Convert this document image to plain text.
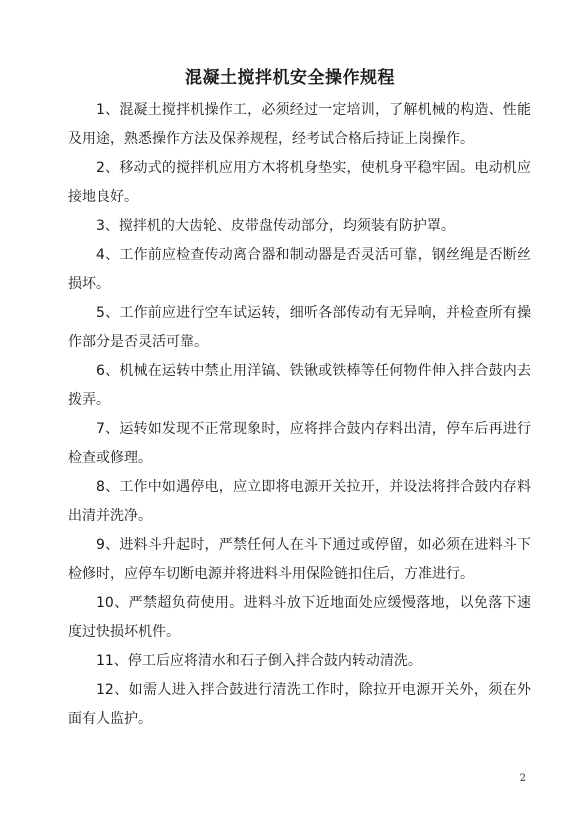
混凝土搅拌机安全操作规程

1、混凝土搅拌机操作工，必须经过一定培训，了解机械的构造、性能及用途，熟悉操作方法及保养规程，经考试合格后持证上岗操作。

2、移动式的搅拌机应用方木将机身垫实，使机身平稳牢固。电动机应接地良好。

3、搅拌机的大齿轮、皮带盘传动部分，均须装有防护罩。

4、工作前应检查传动离合器和制动器是否灵活可靠，钢丝绳是否断丝损坏。

5、工作前应进行空车试运转，细听各部传动有无异响，并检查所有操作部分是否灵活可靠。

6、机械在运转中禁止用洋镐、铁锹或铁棒等任何物件伸入拌合鼓内去拨弄。

7、运转如发现不正常现象时，应将拌合鼓内存料出清，停车后再进行检查或修理。

8、工作中如遇停电，应立即将电源开关拉开，并设法将拌合鼓内存料出清并洗净。

9、进料斗升起时，严禁任何人在斗下通过或停留，如必须在进料斗下检修时，应停车切断电源并将进料斗用保险链扣住后，方准进行。

10、严禁超负荷使用。进料斗放下近地面处应缓慢落地，以免落下速度过快损坏机件。

11、停工后应将清水和石子倒入拌合鼓内转动清洗。

12、如需人进入拌合鼓进行清洗工作时，除拉开电源开关外，须在外面有人监护。

2
